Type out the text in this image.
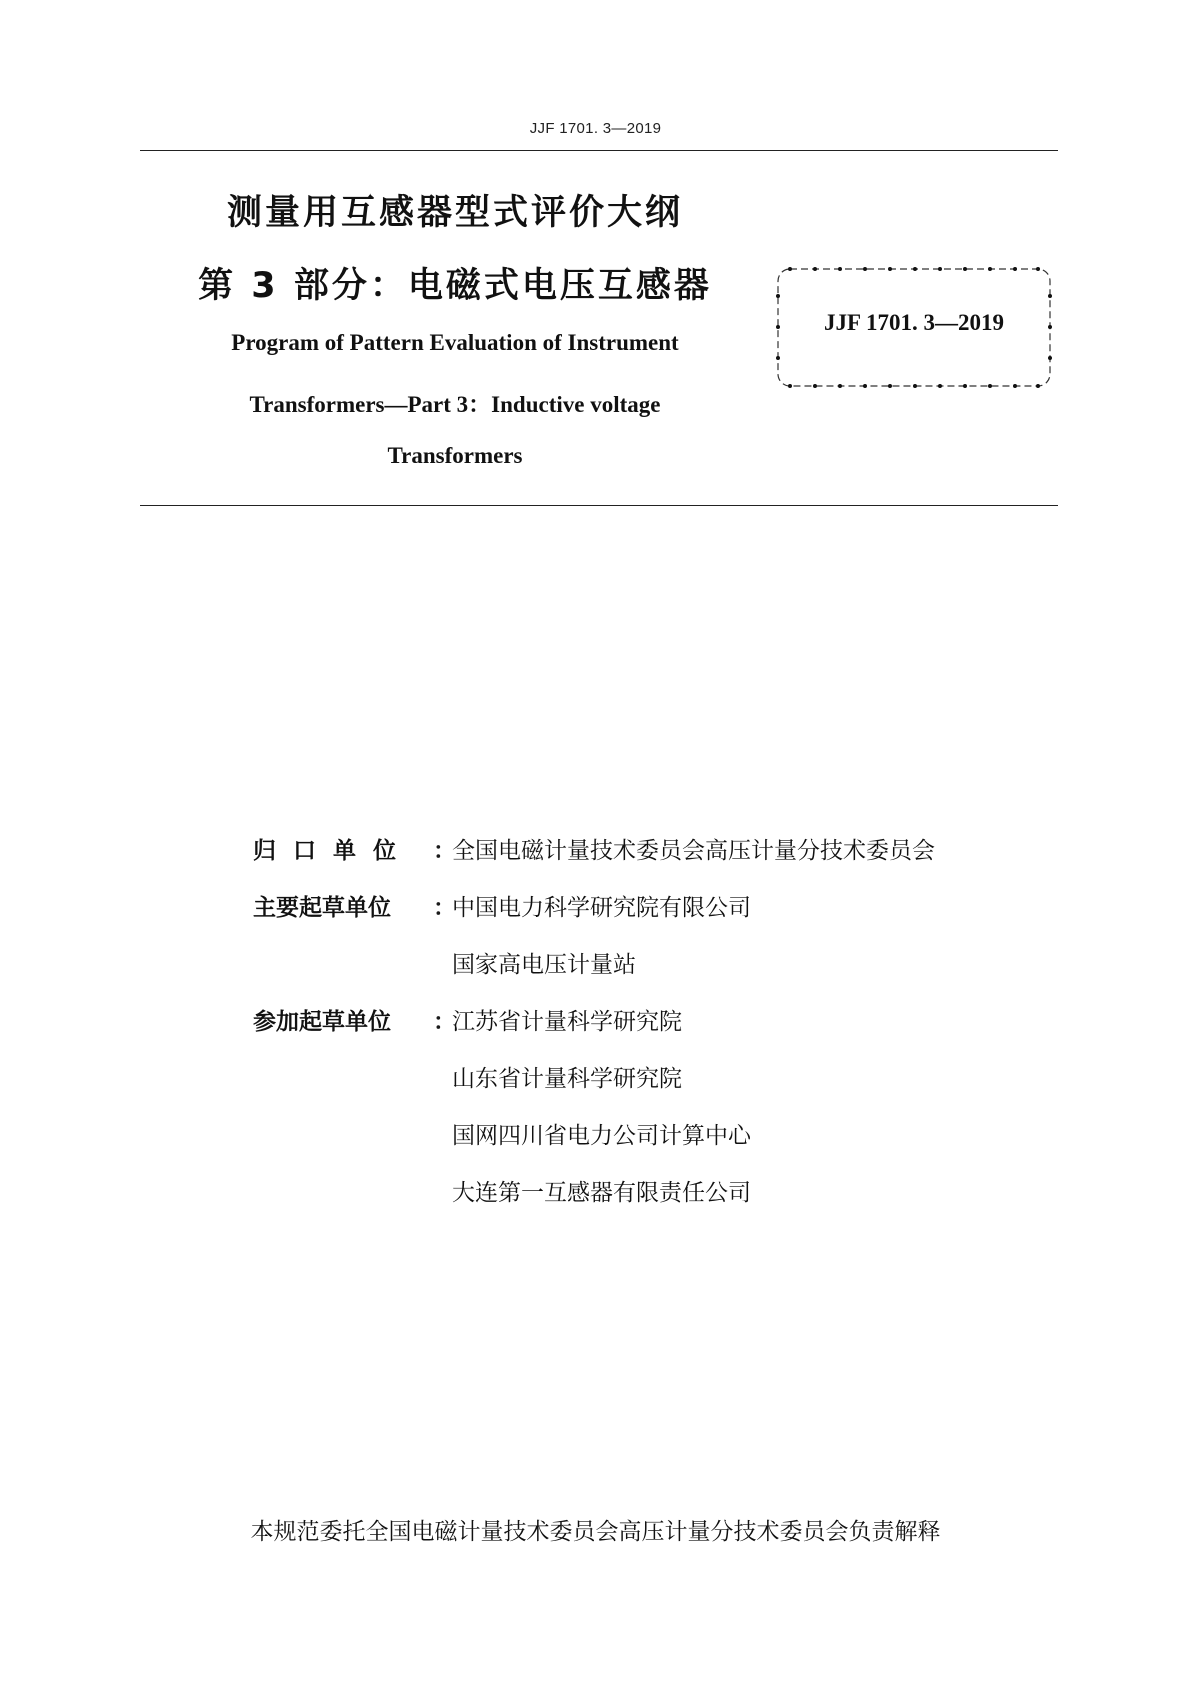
JJF 1701. 3—2019
测量用互感器型式评价大纲
第 3 部分：电磁式电压互感器
Program of Pattern Evaluation of Instrument
Transformers—Part 3：Inductive voltage
Transformers
JJF 1701. 3—2019
归口单位 ：
全国电磁计量技术委员会高压计量分技术委员会
主要起草单位	：
中国电力科学研究院有限公司
国家高电压计量站
参加起草单位	：
江苏省计量科学研究院
山东省计量科学研究院
国网四川省电力公司计算中心
大连第一互感器有限责任公司
本规范委托全国电磁计量技术委员会高压计量分技术委员会负责解释
